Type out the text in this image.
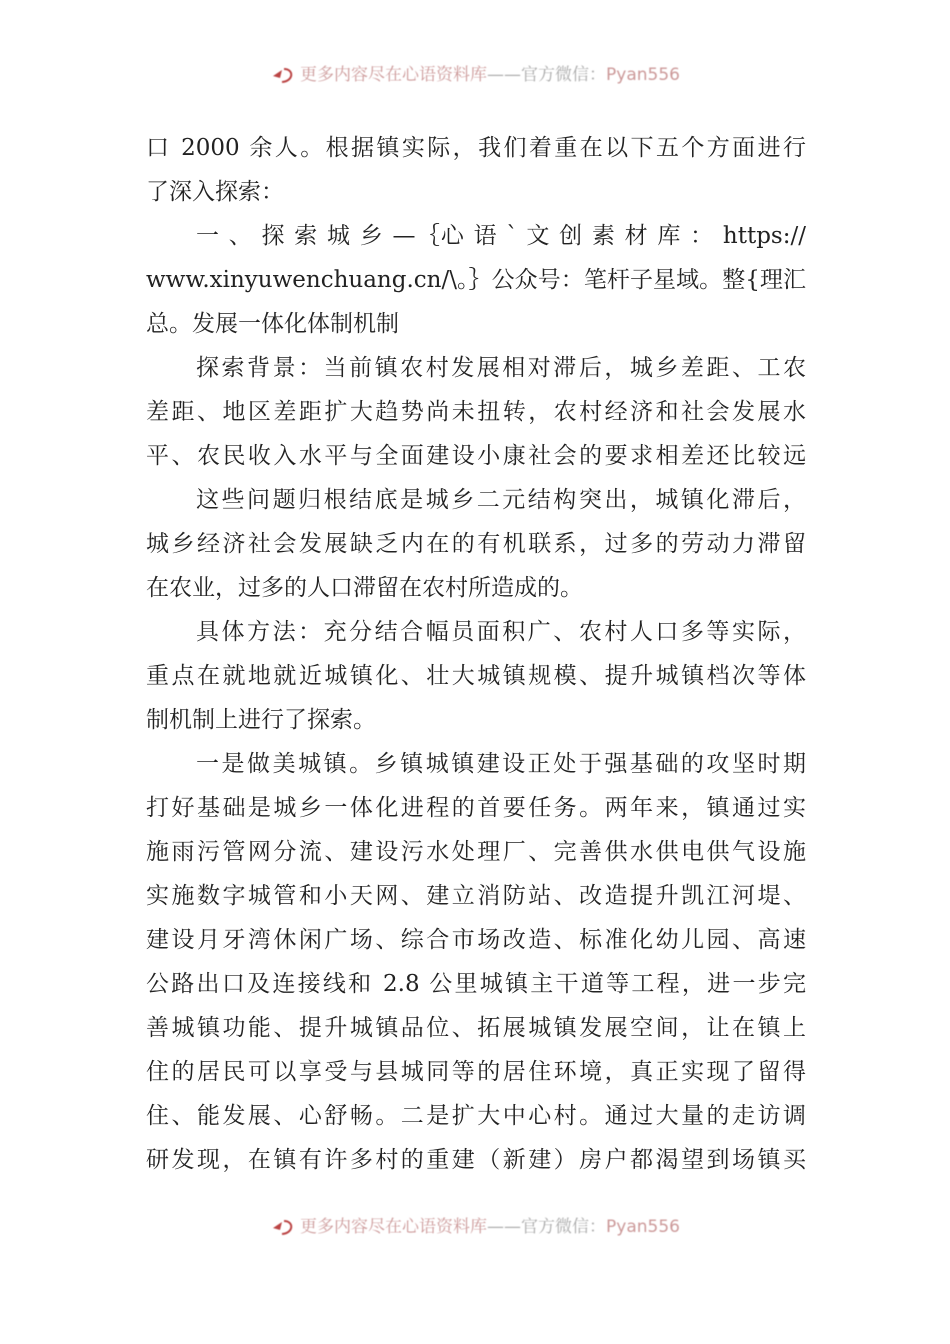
更多内容尽在心语资料库——官方微信：Pyan556
口 2000 余人。根据镇实际，我们着重在以下五个方面进行
了深入探索：
一 、 探 索 城 乡 —｛心 语 ` 文 创 素 材 库 ： https://
www.xinyuwenchuang.cn/\。｝公众号：笔杆子星域。整{理汇
总。发展一体化体制机制
探索背景：当前镇农村发展相对滞后，城乡差距、工农
差距、地区差距扩大趋势尚未扭转，农村经济和社会发展水
平、农民收入水平与全面建设小康社会的要求相差还比较远
这些问题归根结底是城乡二元结构突出，城镇化滞后，
城乡经济社会发展缺乏内在的有机联系，过多的劳动力滞留
在农业，过多的人口滞留在农村所造成的。
具体方法：充分结合幅员面积广、农村人口多等实际，
重点在就地就近城镇化、壮大城镇规模、提升城镇档次等体
制机制上进行了探索。
一是做美城镇。乡镇城镇建设正处于强基础的攻坚时期
打好基础是城乡一体化进程的首要任务。两年来，镇通过实
施雨污管网分流、建设污水处理厂、完善供水供电供气设施
实施数字城管和小天网、建立消防站、改造提升凯江河堤、
建设月牙湾休闲广场、综合市场改造、标准化幼儿园、高速
公路出口及连接线和 2.8 公里城镇主干道等工程，进一步完
善城镇功能、提升城镇品位、拓展城镇发展空间，让在镇上
住的居民可以享受与县城同等的居住环境，真正实现了留得
住、能发展、心舒畅。二是扩大中心村。通过大量的走访调
研发现，在镇有许多村的重建（新建）房户都渴望到场镇买
更多内容尽在心语资料库——官方微信：Pyan556
